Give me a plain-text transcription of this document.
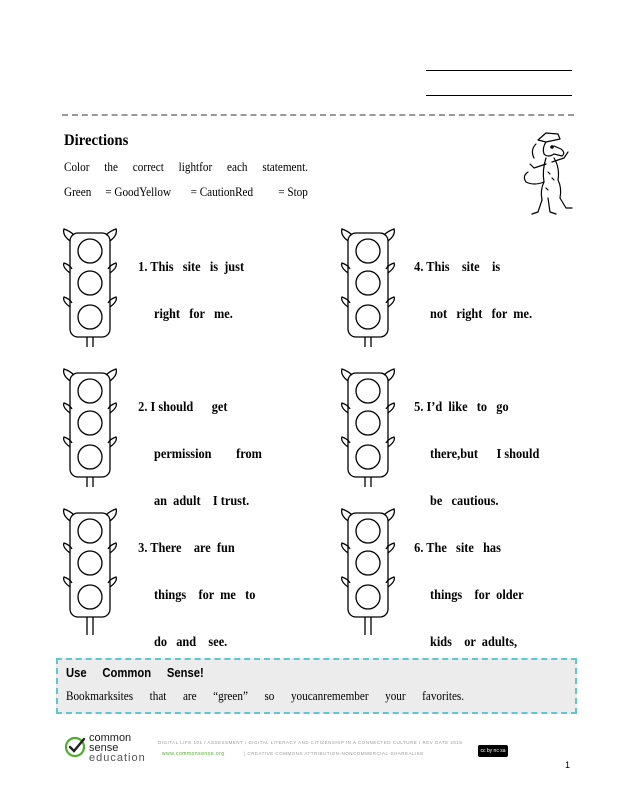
Directions
Color the correct lightfor each statement.
Green     = GoodYellow       = CautionRed         = Stop

1. This   site   is  just

right   for   me.

2. I should      get

permission        from

an  adult    I trust.

3. There    are  fun

things    for  me   to

do   and    see.

4. This    site    is

not   right   for  me.

5. I’d  like   to   go

there,but      I should

be   cautious.

6. The   site   has

things    for  older

kids    or  adults,

Use Common Sense!
Bookmarksites that are “green” so youcanremember your favorites.
common
sense
education
DIGITAL LIFE 101 / ASSESSMENT / DIGITAL LITERACY AND CITIZENSHIP IN A CONNECTED CULTURE / REV DATE 2015
www.commonsense.org	| CREATIVE COMMONS ATTRIBUTION-NONCOMMERCIAL-SHAREALIKE	cc by nc sa
1
